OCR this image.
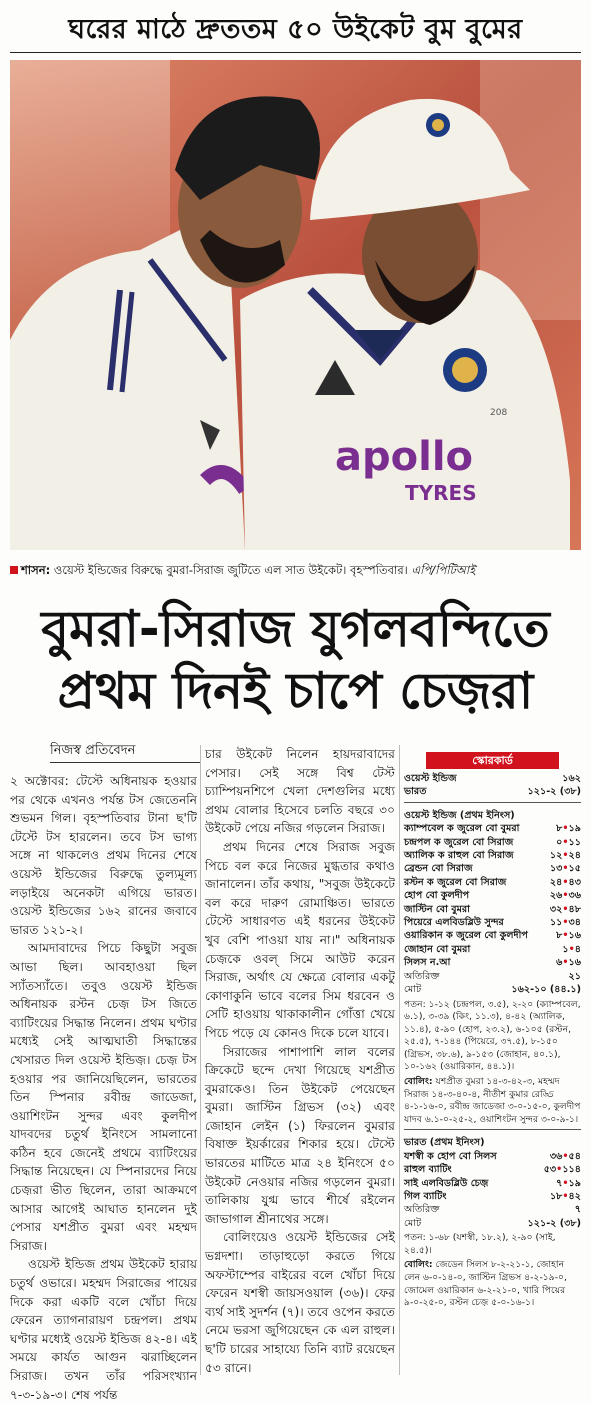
ঘরের মাঠে দ্রুততম ৫০ উইকেট বুম বুমের
apollo
TYRES
208
শাসন: ওয়েস্ট ইন্ডিজের বিরুদ্ধে বুমরা-সিরাজ জুটিতে এল সাত উইকেট। বৃহস্পতিবার। এপি/পিটিআই
বুমরা-সিরাজ যুগলবন্দিতে
প্রথম দিনই চাপে চেজ়রা
নিজস্ব প্রতিবেদন

২ অক্টোবর: টেস্টে অধিনায়ক হওয়ার পর থেকে এখনও পর্যন্ত টস জেতেননি শুভমন গিল। বৃহস্পতিবার টানা ছ'টি টেস্টে টস হারলেন। তবে টস ভাগ্য সঙ্গে না থাকলেও প্রথম দিনের শেষে ওয়েস্ট ইন্ডিজের বিরুদ্ধে তুল্যমূল্য লড়াইয়ে অনেকটা এগিয়ে ভারত। ওয়েস্ট ইন্ডিজের ১৬২ রানের জবাবে ভারত ১২১-২।

আমদাবাদের পিচে কিছুটা সবুজ আভা ছিল। আবহাওয়া ছিল স্যাঁতস্যাঁতে। তবুও ওয়েস্ট ইন্ডিজ অধিনায়ক রস্টন চেজ় টস জিতে ব্যাটিংয়ের সিদ্ধান্ত নিলেন। প্রথম ঘণ্টার মধ্যেই সেই আত্মঘাতী সিদ্ধান্তের খেসারত দিল ওয়েস্ট ইন্ডিজ়। চেজ় টস হওয়ার পর জানিয়েছিলেন, ভারতের তিন স্পিনার রবীন্দ্র জাডেজা, ওয়াশিংটন সুন্দর এবং কুলদীপ যাদবদের চতুর্থ ইনিংসে সামলানো কঠিন হবে জেনেই প্রথমে ব্যাটিংয়ের সিদ্ধান্ত নিয়েছেন। যে স্পিনারদের নিয়ে চেজ়রা ভীত ছিলেন, তারা আক্রমণে আসার আগেই আঘাত হানলেন দুই পেসার যশপ্রীত বুমরা এবং মহম্মদ সিরাজ।

ওয়েস্ট ইন্ডিজ প্রথম উইকেট হারায় চতুর্থ ওভারে। মহম্মদ সিরাজের পায়ের দিকে করা একটি বলে খোঁচা দিয়ে ফেরেন ত্যাগনারায়ণ চন্দ্রপল। প্রথম ঘণ্টার মধ্যেই ওয়েস্ট ইন্ডিজ ৪২-৪। এই সময়ে কার্যত আগুন ঝরাচ্ছিলেন সিরাজ। তখন তাঁর পরিসংখ্যান ৭-৩-১৯-৩। শেষ পর্যন্ত

চার উইকেট নিলেন হায়দরাবাদের পেসার। সেই সঙ্গে বিশ্ব টেস্ট চ্যাম্পিয়নশিপে খেলা দেশগুলির মধ্যে প্রথম বোলার হিসেবে চলতি বছরে ৩০ উইকেট পেয়ে নজির গড়লেন সিরাজ।

প্রথম দিনের শেষে সিরাজ সবুজ পিচে বল করে নিজের মুগ্ধতার কথাও জানালেন। তাঁর কথায়, "সবুজ উইকেটে বল করে দারুণ রোমাঞ্চিত। ভারতে টেস্টে সাধারণত এই ধরনের উইকেট খুব বেশি পাওয়া যায় না।" অধিনায়ক চেজ়কে ওবল্‌ সিমে আউট করেন সিরাজ, অর্থাৎ যে ক্ষেত্রে বোলার একটু কোণাকুনি ভাবে বলের সিম ধরবেন ও সেটি হাওয়ায় থাকাকালীন গোঁত্তা খেয়ে পিচে পড়ে যে কোনও দিকে চলে যাবে।

সিরাজের পাশাপাশি লাল বলের ক্রিকেটে ছন্দে দেখা গিয়েছে যশপ্রীত বুমরাকেও। তিন উইকেট পেয়েছেন বুমরা। জাস্টিন গ্রিভস (৩২) এবং জোহান লেইন (১) ফিরলেন বুমরার বিষাক্ত ইয়র্কারের শিকার হয়ে। টেস্টে ভারতের মাটিতে মাত্র ২৪ ইনিংসে ৫০ উইকেট নেওয়ার নজির গড়লেন বুমরা। তালিকায় যুগ্ম ভাবে শীর্ষে রইলেন জাভাগাল শ্রীনাথের সঙ্গে।

বোলিংয়েও ওয়েস্ট ইন্ডিজের সেই ভগ্নদশা। তাড়াহুড়ো করতে গিয়ে অফস্টাম্পের বাইরের বলে খোঁচা দিয়ে ফেরেন যশস্বী জায়সওয়াল (৩৬)। ফের ব্যর্থ সাই সুদর্শন (৭)। তবে ওপেন করতে নেমে ভরসা জুগিয়েছেন কে এল রাহুল। ছ'টি চারের সাহায্যে তিনি ব্যাট রয়েছেন ৫৩ রানে।

স্কোরকার্ড
ওয়েস্ট ইন্ডিজ	১৬২
ভারত	১২১-২ (৩৮)
ওয়েস্ট ইন্ডিজ (প্রথম ইনিংস)
ক্যাম্পবেল ক জুরেল বো বুমরা	৮•১৯
চন্দ্রপল ক জুরেল বো সিরাজ	০•১১
অ্যালিক ক রাহুল বো সিরাজ	১২•২৪
ব্রেন্ডন বো সিরাজ	১৩•১৫
রস্টন ক জুরেল বো সিরাজ	২৪•৪৩
হোপ বো কুলদীপ	২৬•৩৬
জাস্টিন বো বুমরা	৩২•৪৮
পিয়েরে এলবিডব্লিউ সুন্দর	১১•৩৪
ওয়ারিকান ক জুরেল বো কুলদীপ	৮•১৬
জোহান বো বুমরা	১•৪
সিলস ন.আ	৬•১৬
অতিরিক্ত	২১
মোট	১৬২-১০ (৪৪.১)
পতন: ১-১২ (চন্দ্রপল, ৩.৫), ২-২০ (ক্যাম্পবেল, ৬.১), ৩-৩৯ (কিং, ১১.৩), ৪-৪২ (অ্যালিক, ১১.৪), ৫-৯০ (হোপ, ২৩.২), ৬-১০৫ (রস্টন, ২৫.৫), ৭-১৪৪ (পিয়েরে, ৩৭.৫), ৮-১৫০ (গ্রিভস, ৩৮.৬), ৯-১৫৩ (জোহান, ৪০.১), ১০-১৬২ (ওয়ারিকান, ৪৪.১)।
বোলিং: যশপ্রীত বুমরা ১৪-৩-৪২-৩, মহম্মদ সিরাজ ১৪-৩-৪০-৪, নীতীশ কুমার রেড্ডি ৪-১-১৬-০, রবীন্দ্র জাডেজা ৩-০-১৫-০, কুলদীপ যাদব ৬.১-০-২৫-২, ওয়াশিংটন সুন্দর ৩-০-৯-১।
ভারত (প্রথম ইনিংস)
যশস্বী ক হোপ বো সিলস	৩৬•৫৪
রাহুল ব্যাটিং	৫৩•১১৪
সাই এলবিডব্লিউ চেজ়	৭•১৯
গিল ব্যাটিং	১৮•৪২
অতিরিক্ত	৭
মোট	১২১-২ (৩৮)
পতন: ১-৬৮ (যশস্বী, ১৮.২), ২-৯০ (সাই, ২৪.৫)।
বোলিং: জেডেন সিলস ৮-২-২১-১, জোহান লেন ৬-০-১৪-০, জাস্টিন গ্রিভস ৪-২-১৯-০, জোমেল ওয়ারিকান ৬-২-২১-০, খারি পিয়ের ৯-০-২৫-০, রস্টন চেজ় ৫-০-১৬-১।
